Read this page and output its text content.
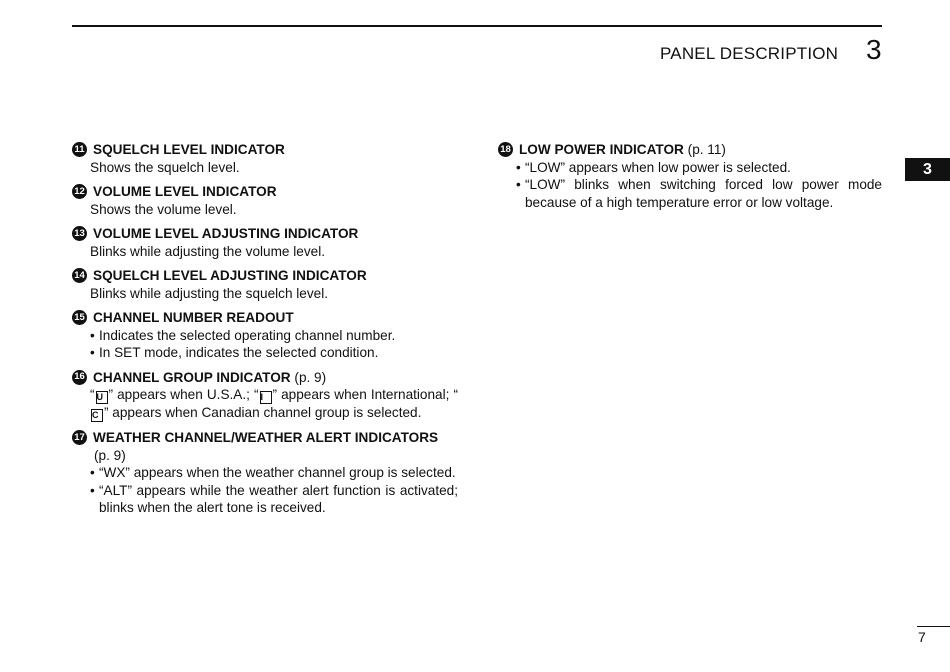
PANEL DESCRIPTION 3
3
11 SQUELCH LEVEL INDICATOR
Shows the squelch level.
12 VOLUME LEVEL INDICATOR
Shows the volume level.
13 VOLUME LEVEL ADJUSTING INDICATOR
Blinks while adjusting the volume level.
14 SQUELCH LEVEL ADJUSTING INDICATOR
Blinks while adjusting the squelch level.
15 CHANNEL NUMBER READOUT
• Indicates the selected operating channel number.
• In SET mode, indicates the selected condition.
16 CHANNEL GROUP INDICATOR (p. 9)
“ U ” appears when U.S.A.; “ I ” appears when International; “C ” appears when Canadian channel group is selected.
17 WEATHER CHANNEL/WEATHER ALERT INDICATORS
(p. 9)
• “WX” appears when the weather channel group is selected.
• “ALT” appears while the weather alert function is activated; blinks when the alert tone is received.
18 LOW POWER INDICATOR (p. 11)
• “LOW” appears when low power is selected.
• “LOW” blinks when switching forced low power mode because of a high temperature error or low voltage.
7
